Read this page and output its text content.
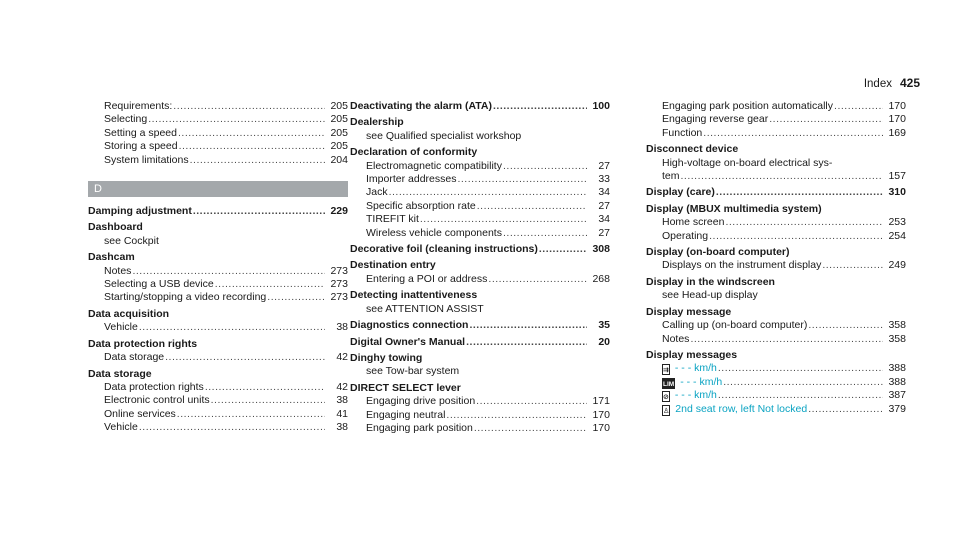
Index 425
Requirements: .....	205
Selecting .....	205
Setting a speed .....	205
Storing a speed .....	205
System limitations .....	204
D
Damping adjustment .....	229
Dashboard
see Cockpit
Dashcam
Notes .....	273
Selecting a USB device .....	273
Starting/stopping a video recording .....	273
Data acquisition
Vehicle .....	38
Data protection rights
Data storage .....	42
Data storage
Data protection rights .....	42
Electronic control units .....	38
Online services .....	41
Vehicle .....	38
Deactivating the alarm (ATA) .....	100
Dealership
see Qualified specialist workshop
Declaration of conformity
Electromagnetic compatibility .....	27
Importer addresses .....	33
Jack .....	34
Specific absorption rate .....	27
TIREFIT kit .....	34
Wireless vehicle components .....	27
Decorative foil (cleaning instructions) .....	308
Destination entry
Entering a POI or address .....	268
Detecting inattentiveness
see ATTENTION ASSIST
Diagnostics connection .....	35
Digital Owner's Manual .....	20
Dinghy towing
see Tow-bar system
DIRECT SELECT lever
Engaging drive position .....	171
Engaging neutral .....	170
Engaging park position .....	170
Engaging park position automatically .....	170
Engaging reverse gear .....	170
Function .....	169
Disconnect device
High-voltage on-board electrical sys-
tem .....	157
Display (care) .....	310
Display (MBUX multimedia system)
Home screen .....	253
Operating .....	254
Display (on-board computer)
Displays on the instrument display .....	249
Display in the windscreen
see Head-up display
Display message
Calling up (on-board computer) .....	358
Notes .....	358
Display messages
⇉ - - - km/h .....	388
LIM - - - km/h .....	388
⊘ - - - km/h .....	387
♙ 2nd seat row, left Not locked .....	379
